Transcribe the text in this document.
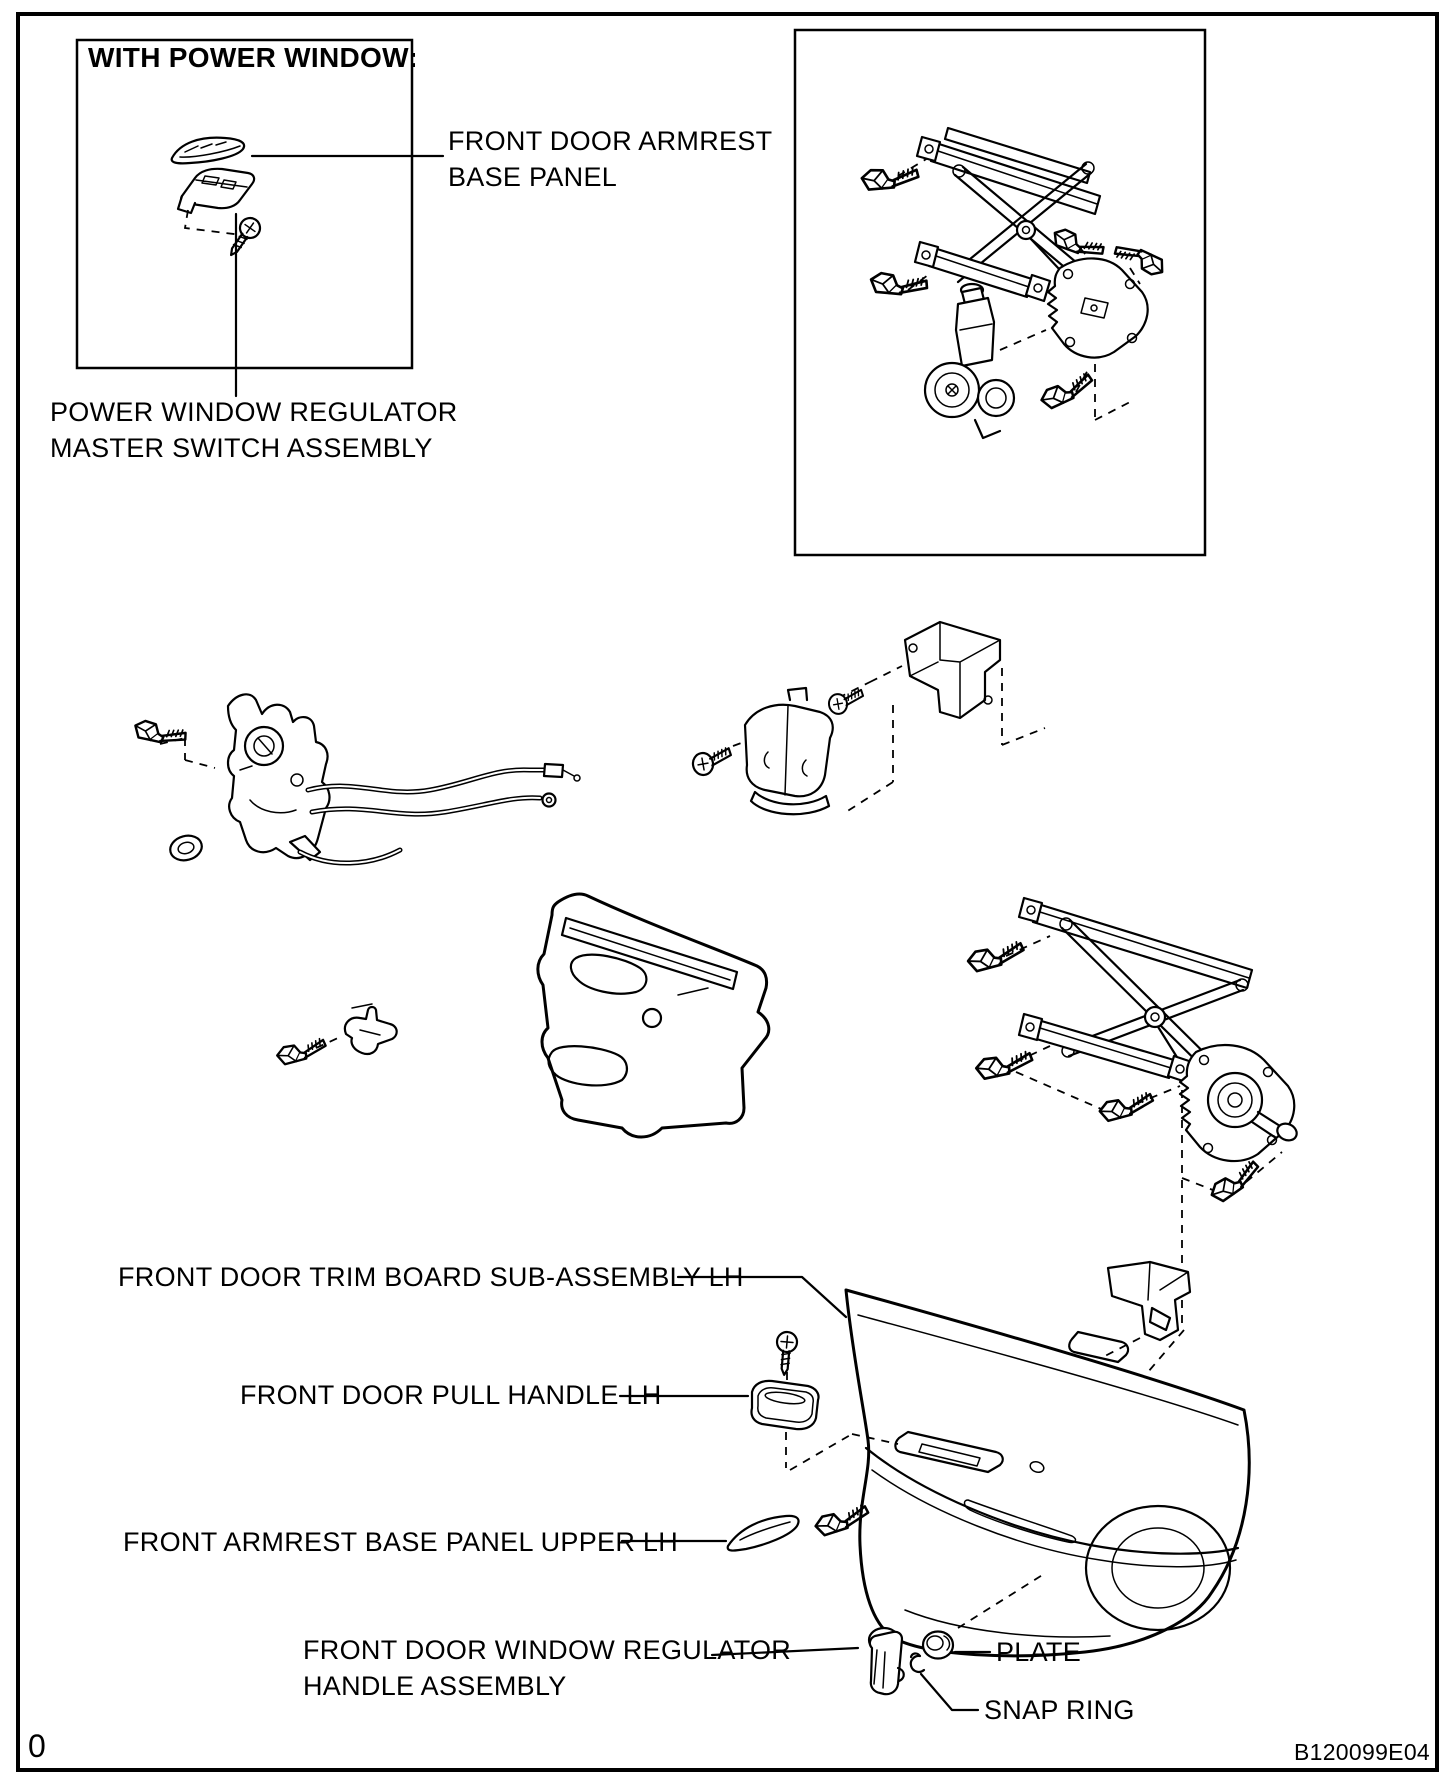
WITH POWER WINDOW:
FRONT DOOR ARMREST
BASE PANEL
POWER WINDOW REGULATOR
MASTER SWITCH ASSEMBLY
FRONT DOOR TRIM BOARD SUB-ASSEMBLY LH
FRONT DOOR PULL HANDLE LH
FRONT ARMREST BASE PANEL UPPER LH
FRONT DOOR WINDOW REGULATOR
HANDLE ASSEMBLY
PLATE
SNAP RING
0	B120099E04
